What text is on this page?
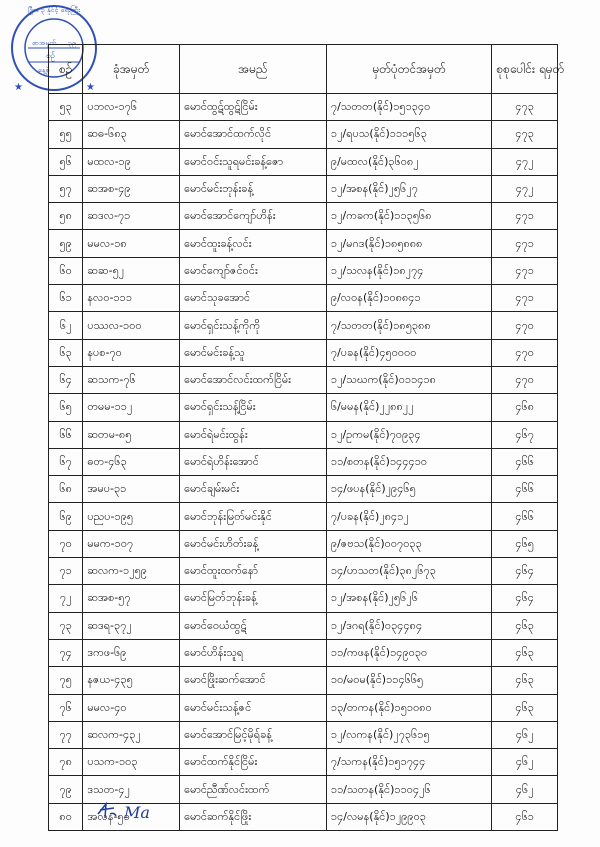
ဒြီးမ ၃ နိုင်ငံ့ ရေးကြီး
စာအမှတ် ၃၉
စဉ်
နေ့စွဲ
★	★
စဉ်	ခုံအမှတ်	အမည်	မှတ်ပုံတင်အမှတ်	စုစုပေါင်း ရမှတ်
၅၃	ပဘလ-၁၇၆	မောင်ထွဋ်ထွဋ်ငြိမ်း	၇/သတတ(နိုင်)၁၅၁၃၄၀	၄၇၃
၅၅	ဆဓ-၆၈၃	မောင်အောင်ထက်လိုင်	၁၂/ရပသ(နိုင်)၁၁၁၅၆၃	၄၇၃
၅၆	မထလ-၁၉	မောင်ဝင်းသူရမင်းခန့်ဇော	၉/မထလ(နိုင်)၃၆၀၈၂	၄၇၂
၅၇	ဆအစ-၄၉	မောင်မင်းဘုန်းခန့်	၁၂/အစန(နိုင်)၂၅၆၂၇	၄၇၂
၅၈	ဆဒလ-၇၁	မောင်အောင်ကျော်ဟိန်း	၁၂/ကခက(နိုင်)၁၁၃၅၆၈	၄၇၁
၅၉	မမလ-၁၈	မောင်ထူးခန့်လင်း	၁၂/မဂဒ(နိုင်)၁၈၅၈၈၈	၄၇၁
၆၀	ဆဆ-၅၂	မောင်ကျော်ဇင်ဝင်း	၁၂/သလန(နိုင်)၁၈၂၇၄	၄၇၁
၆၁	နလဝ-၁၁၁	မောင်သုခအောင်	၉/လဝန(နိုင်)၁၀၈၈၄၁	၄၇၁
၆၂	ပဿလ-၁၀၀	မောင်ရှင်းသန့်ကိုကို	၇/သတတ(နိုင်)၁၈၅၃၈၈	၄၇၀
၆၃	နပစ-၇၀	မောင်မင်းခန့်သူ	၇/ပခန(နိုင်)၄၅၀၀၀၀	၄၇၀
၆၄	ဆသက-၇၆	မောင်အောင်လင်းထက်ငြိမ်း	၁၂/သဃက(နိုင်)၀၁၁၄၁၈	၄၇၀
၆၅	တမမ-၁၁၂	မောင်ရှင်းသန့်ငြိမ်း	၆/မမန(နိုင်)၂၂၈၈၂၂	၄၆၈
၆၆	ဆတမ-၈၅	မောင်ရဲမင်းထွန်း	၁၂/ဥကမ(နိုင်)၇၀၉၃၄	၄၆၇
၆၇	ဓတ-၄၆၃	မောင်ရဲဟိန်းအောင်	၁၁/စတန(နိုင်)၁၄၄၄၁၀	၄၆၆
၆၈	အမပ-၃၁	မောင်ချမ်းမင်း	၁၄/ဖပန(နိုင်)၂၉၄၆၅	၄၆၆
၆၉	ပညပ-၁၉၅	မောင်ဘုန်းမြတ်မင်းနိုင်	၇/ပခန(နိုင်)၂၈၄၁၂	၄၆၆
၇၀	မမက-၁၀၇	မောင်မင်းဟိတ်းခန့်	၉/ဇဗသ(နိုင်)၀၀၇၀၃၃	၄၆၅
၇၁	ဆလက-၁၂၅၉	မောင်ထူးထက်နော်	၁၄/ဟသတ(နိုင်)၃၈၂၆၇၃	၄၆၄
၇၂	ဆအစ-၅၇	မောင်မြတ်ဘုန်းခန့်	၁၂/အစန(နိုင်)၂၅၆၂၆	၄၆၄
၇၃	ဆဒရ-၃၇၂	မောင်ဝေယံထွဋ်	၁၂/ဒဂရ(နိုင်)၀၃၄၄၈၄	၄၆၃
၇၄	ဒကဖ-၆၉	မောင်ဟိန်းသူရ	၁၁/ကဖန(နိုင်)၁၄၉၀၃၀	၄၆၃
၇၅	နဇယ-၄၃၅	မောင်ဖြိုးဆက်အောင်	၁၀/မဝမ(နိုင်)၁၁၄၆၆၅	၄၆၃
၇၆	မမလ-၄၀	မောင်မင်းသန့်ဇင်	၁၃/တကန(နိုင်)၁၅၁၀၈၀	၄၆၃
၇၇	ဆလက-၄၃၂	မောင်အောင်မြင့်မိုရ်ခန့်	၁၂/လကန(နိုင်)၂၇၃၆၁၅	၄၆၂
၇၈	ပသက-၁၀၃	မောင်ထက်နိုင်ငြိမ်း	၇/သကန(နိုင်)၁၅၁၇၄၄	၄၆၂
၇၉	ဒသတ-၄၂	မောင်ညီဏ်လင်းထက်	၁၁/သတန(နိုင်)၁၁၀၄၂၆	၄၆၂
၈၀	အလန-၅၁	မောင်ဆက်နိုင်ဖြိုး	၁၄/လမန(နိုင်)၁၂၉၉၀၃	၄၆၁
Ma
